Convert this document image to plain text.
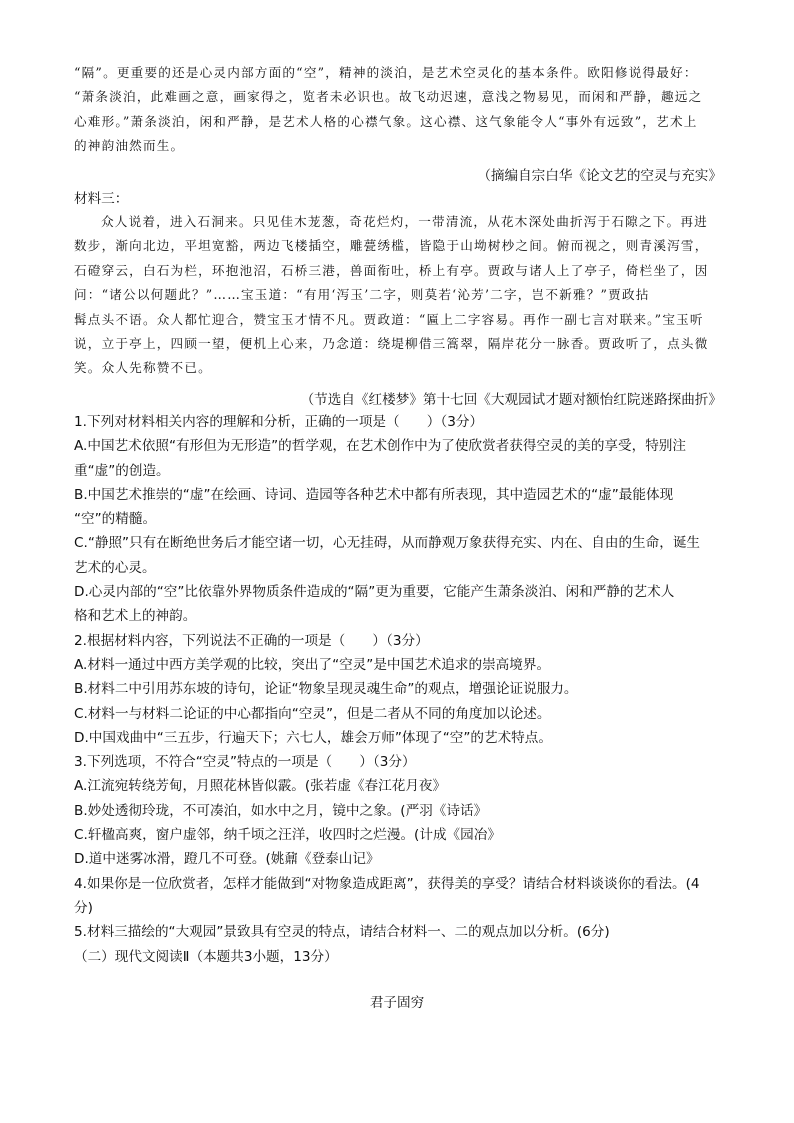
“隔”。更重要的还是心灵内部方面的“空”，精神的淡泊，是艺术空灵化的基本条件。欧阳修说得最好：

“萧条淡泊，此难画之意，画家得之，览者未必识也。故飞动迟速，意浅之物易见，而闲和严静，趣远之

心难形。”萧条淡泊，闲和严静，是艺术人格的心襟气象。这心襟、这气象能令人“事外有远致”，艺术上

的神韵油然而生。

（摘编自宗白华《论文艺的空灵与充实》
材料三：

众人说着，进入石洞来。只见佳木茏葱，奇花烂灼，一带清流，从花木深处曲折泻于石隙之下。再进

数步，渐向北边，平坦宽豁，两边飞楼插空，雕甍绣槛，皆隐于山坳树杪之间。俯而视之，则青溪泻雪，

石磴穿云，白石为栏，环抱池沼，石桥三港，兽面衔吐，桥上有亭。贾政与诸人上了亭子，倚栏坐了，因

问：“诸公以何题此？”……宝玉道：“有用‘泻玉’二字，则莫若‘沁芳’二字，岂不新雅？”贾政拈

髯点头不语。众人都忙迎合，赞宝玉才情不凡。贾政道：“匾上二字容易。再作一副七言对联来。”宝玉听

说，立于亭上，四顾一望，便机上心来，乃念道：绕堤柳借三篙翠，隔岸花分一脉香。贾政听了，点头微

笑。众人先称赞不已。

（节选自《红楼梦》第十七回《大观园试才题对额怡红院迷路探曲折》
1.下列对材料相关内容的理解和分析，正确的一项是（　　）（3分）
A.中国艺术依照“有形但为无形造”的哲学观，在艺术创作中为了使欣赏者获得空灵的美的享受，特别注
重“虚”的创造。
B.中国艺术推崇的“虚”在绘画、诗词、造园等各种艺术中都有所表现，其中造园艺术的“虚”最能体现
“空”的精髓。
C.“静照”只有在断绝世务后才能空诸一切，心无挂碍，从而静观万象获得充实、内在、自由的生命，诞生
艺术的心灵。
D.心灵内部的“空”比依靠外界物质条件造成的“隔”更为重要，它能产生萧条淡泊、闲和严静的艺术人
格和艺术上的神韵。
2.根据材料内容，下列说法不正确的一项是（　　）（3分）
A.材料一通过中西方美学观的比较，突出了“空灵”是中国艺术追求的崇高境界。
B.材料二中引用苏东坡的诗句，论证“物象呈现灵魂生命”的观点，增强论证说服力。
C.材料一与材料二论证的中心都指向“空灵”，但是二者从不同的角度加以论述。
D.中国戏曲中“三五步，行遍天下；六七人，雄会万师”体现了“空”的艺术特点。
3.下列选项，不符合“空灵”特点的一项是（　　）（3分）
A.江流宛转绕芳甸，月照花林皆似霰。(张若虚《春江花月夜》
B.妙处透彻玲珑，不可凑泊，如水中之月，镜中之象。(严羽《诗话》
C.轩楹高爽，窗户虚邻，纳千顷之汪洋，收四时之烂漫。(计成《园冶》
D.道中迷雾冰滑，蹬几不可登。(姚鼐《登泰山记》
4.如果你是一位欣赏者，怎样才能做到“对物象造成距离”，获得美的享受？请结合材料谈谈你的看法。(4
分)
5.材料三描绘的“大观园”景致具有空灵的特点，请结合材料一、二的观点加以分析。(6分)
（二）现代文阅读Ⅱ（本题共3小题，13分）
君子固穷
